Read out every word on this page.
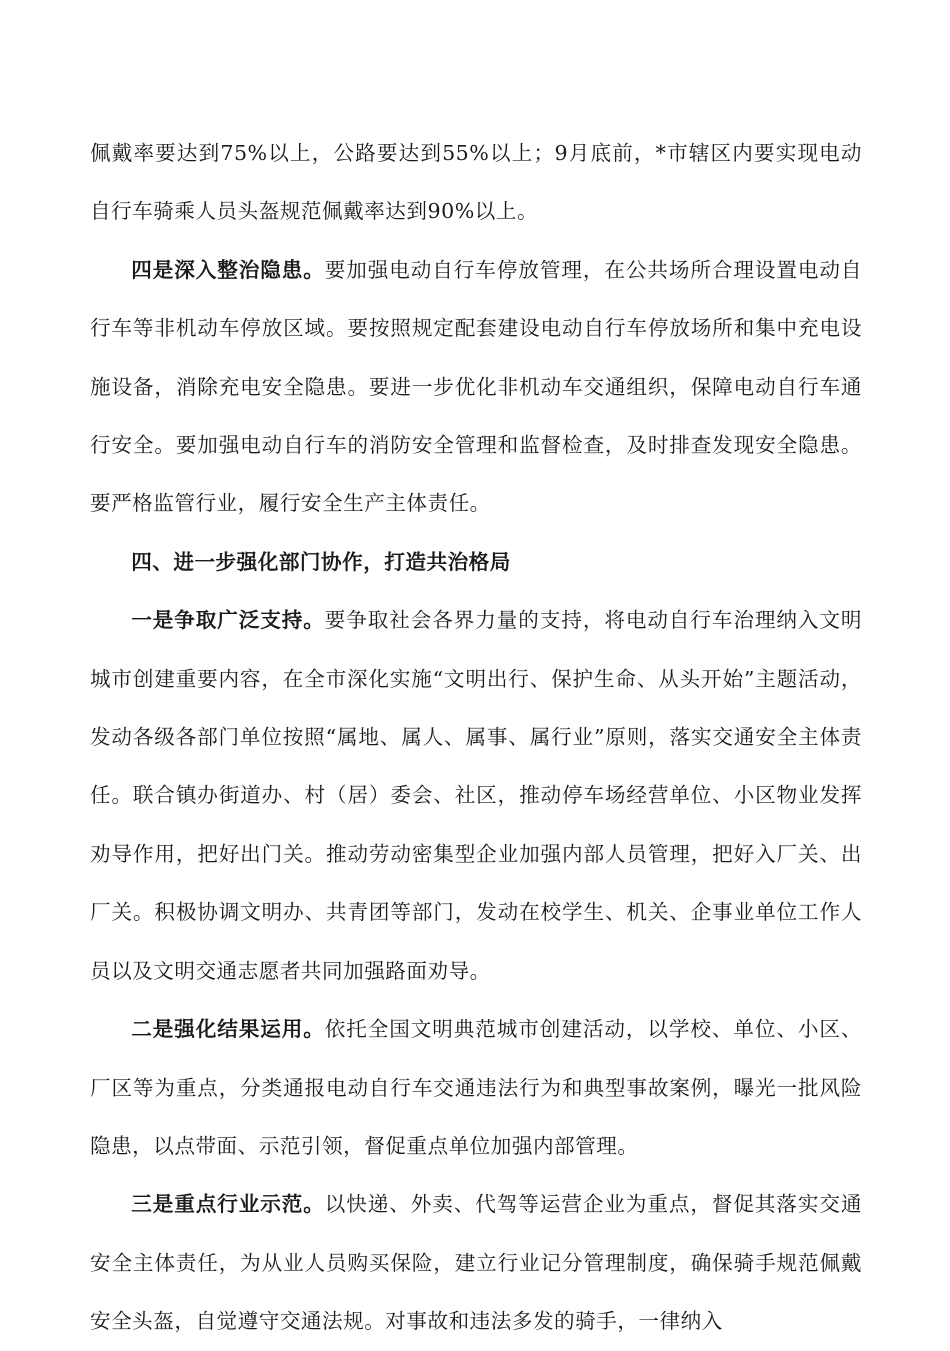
佩戴率要达到75%以上，公路要达到55%以上；9月底前，*市辖区内要实现电动自行车骑乘人员头盔规范佩戴率达到90%以上。

四是深入整治隐患。要加强电动自行车停放管理，在公共场所合理设置电动自行车等非机动车停放区域。要按照规定配套建设电动自行车停放场所和集中充电设施设备，消除充电安全隐患。要进一步优化非机动车交通组织，保障电动自行车通行安全。要加强电动自行车的消防安全管理和监督检查，及时排查发现安全隐患。要严格监管行业，履行安全生产主体责任。

四、进一步强化部门协作，打造共治格局

一是争取广泛支持。要争取社会各界力量的支持，将电动自行车治理纳入文明城市创建重要内容，在全市深化实施“文明出行、保护生命、从头开始”主题活动，发动各级各部门单位按照“属地、属人、属事、属行业”原则，落实交通安全主体责任。联合镇办街道办、村（居）委会、社区，推动停车场经营单位、小区物业发挥劝导作用，把好出门关。推动劳动密集型企业加强内部人员管理，把好入厂关、出厂关。积极协调文明办、共青团等部门，发动在校学生、机关、企事业单位工作人员以及文明交通志愿者共同加强路面劝导。

二是强化结果运用。依托全国文明典范城市创建活动，以学校、单位、小区、厂区等为重点，分类通报电动自行车交通违法行为和典型事故案例，曝光一批风险隐患，以点带面、示范引领，督促重点单位加强内部管理。

三是重点行业示范。以快递、外卖、代驾等运营企业为重点，督促其落实交通安全主体责任，为从业人员购买保险，建立行业记分管理制度，确保骑手规范佩戴安全头盔，自觉遵守交通法规。对事故和违法多发的骑手，一律纳入
